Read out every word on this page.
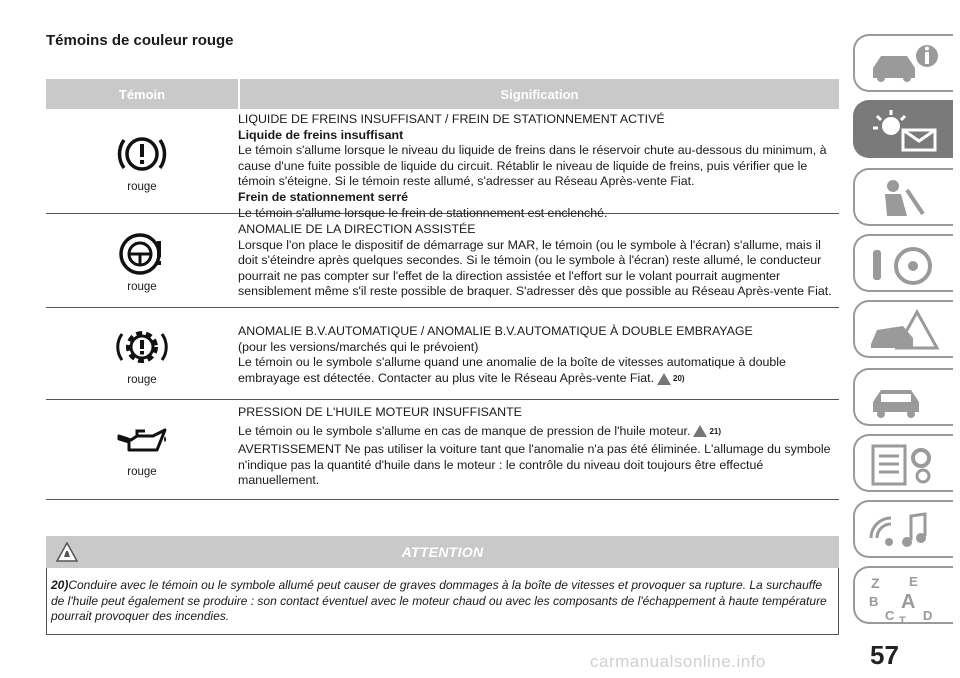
Témoins de couleur rouge
Témoin	Signification
rouge
LIQUIDE DE FREINS INSUFFISANT / FREIN DE STATIONNEMENT ACTIVÉ
Liquide de freins insuffisant
Le témoin s'allume lorsque le niveau du liquide de freins dans le réservoir chute au-dessous du minimum, à cause d'une fuite possible de liquide du circuit. Rétablir le niveau de liquide de freins, puis vérifier que le témoin s'éteigne. Si le témoin reste allumé, s'adresser au Réseau Après-vente Fiat.
Frein de stationnement serré
Le témoin s'allume lorsque le frein de stationnement est enclenché.
rouge
ANOMALIE DE LA DIRECTION ASSISTÉE
Lorsque l'on place le dispositif de démarrage sur MAR, le témoin (ou le symbole à l'écran) s'allume, mais il doit s'éteindre après quelques secondes. Si le témoin (ou le symbole à l'écran) reste allumé, le conducteur pourrait ne pas compter sur l'effet de la direction assistée et l'effort sur le volant pourrait augmenter sensiblement même s'il reste possible de braquer. S'adresser dès que possible au Réseau Après-vente Fiat.
rouge
ANOMALIE B.V.AUTOMATIQUE / ANOMALIE B.V.AUTOMATIQUE À DOUBLE EMBRAYAGE
(pour les versions/marchés qui le prévoient)
Le témoin ou le symbole s'allume quand une anomalie de la boîte de vitesses automatique à double embrayage est détectée. Contacter au plus vite le Réseau Après-vente Fiat. 20)
rouge
PRESSION DE L'HUILE MOTEUR INSUFFISANTE
Le témoin ou le symbole s'allume en cas de manque de pression de l'huile moteur. 21)
AVERTISSEMENT Ne pas utiliser la voiture tant que l'anomalie n'a pas été éliminée. L'allumage du symbole n'indique pas la quantité d'huile dans le moteur : le contrôle du niveau doit toujours être effectué manuellement.
ATTENTION
20)Conduire avec le témoin ou le symbole allumé peut causer de graves dommages à la boîte de vitesses et provoquer sa rupture. La surchauffe de l'huile peut également se produire : son contact éventuel avec le moteur chaud ou avec les composants de l'échappement à haute température pourrait provoquer des incendies.
Z E
B A
C D
T
57
carmanualsonline.info
